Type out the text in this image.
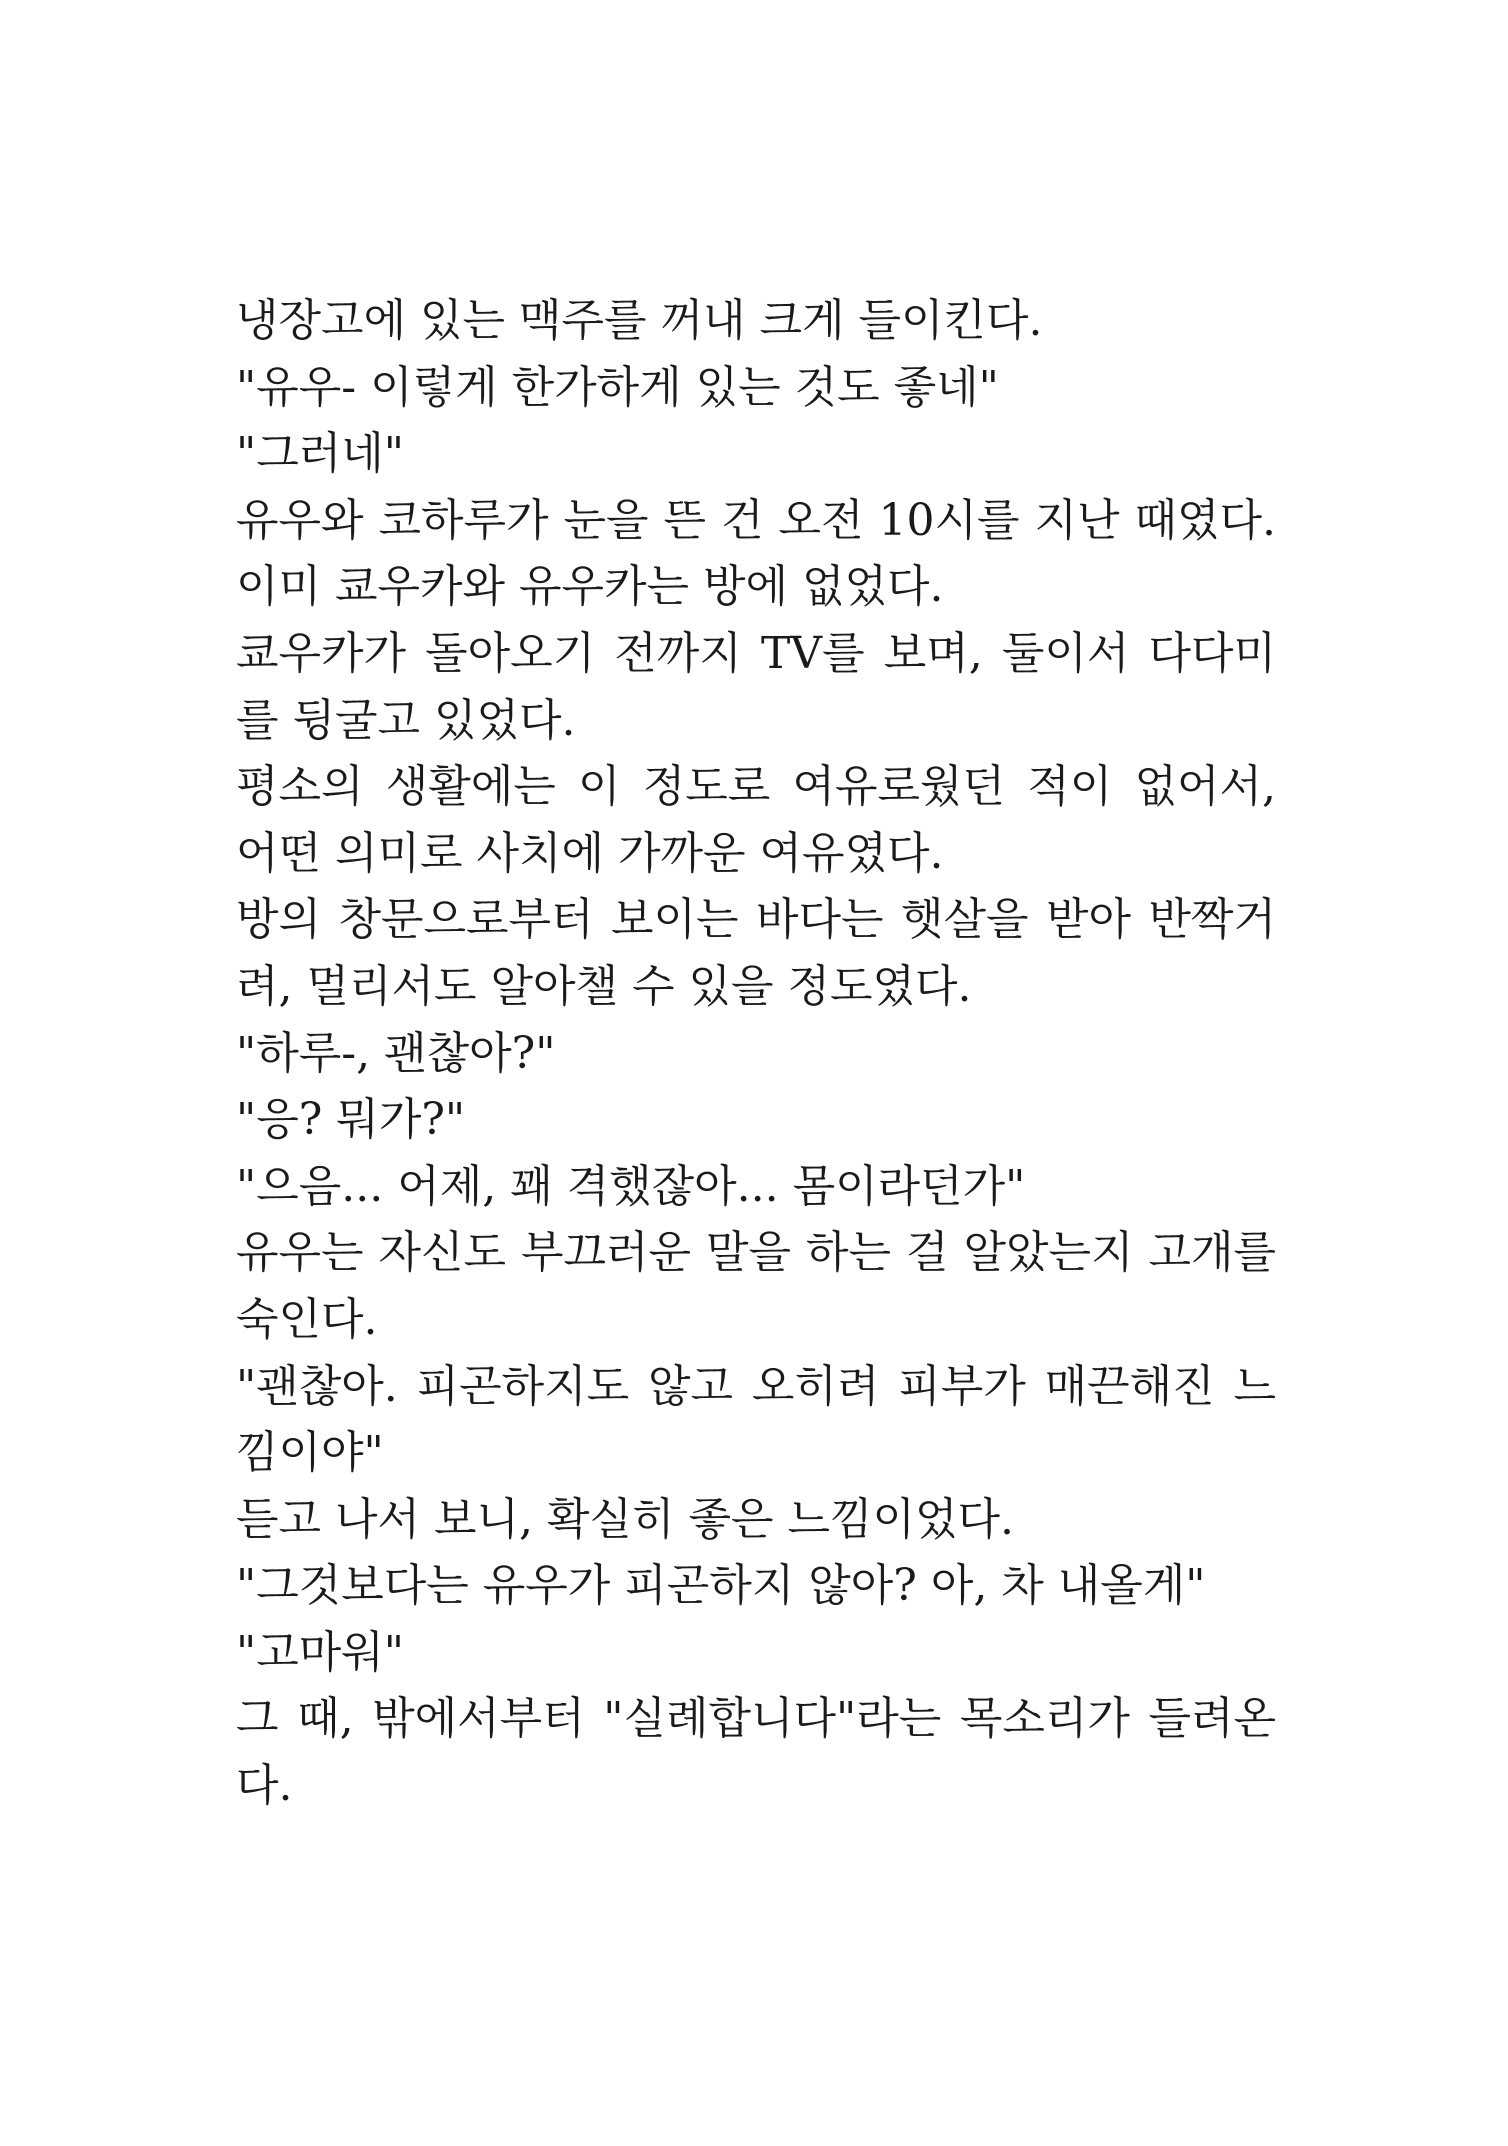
냉장고에 있는 맥주를 꺼내 크게 들이킨다.
"유우- 이렇게 한가하게 있는 것도 좋네"
"그러네"
유우와 코하루가 눈을 뜬 건 오전 10시를 지난 때였다.
이미 쿄우카와 유우카는 방에 없었다.
쿄우카가 돌아오기 전까지 TV를 보며, 둘이서 다다미
를 뒹굴고 있었다.
평소의 생활에는 이 정도로 여유로웠던 적이 없어서,
어떤 의미로 사치에 가까운 여유였다.
방의 창문으로부터 보이는 바다는 햇살을 받아 반짝거
려, 멀리서도 알아챌 수 있을 정도였다.
"하루-, 괜찮아?"
"응? 뭐가?"
"으음... 어제, 꽤 격했잖아... 몸이라던가"
유우는 자신도 부끄러운 말을 하는 걸 알았는지 고개를
숙인다.
"괜찮아. 피곤하지도 않고 오히려 피부가 매끈해진 느
낌이야"
듣고 나서 보니, 확실히 좋은 느낌이었다.
"그것보다는 유우가 피곤하지 않아? 아, 차 내올게"
"고마워"
그 때, 밖에서부터 "실례합니다"라는 목소리가 들려온
다.
